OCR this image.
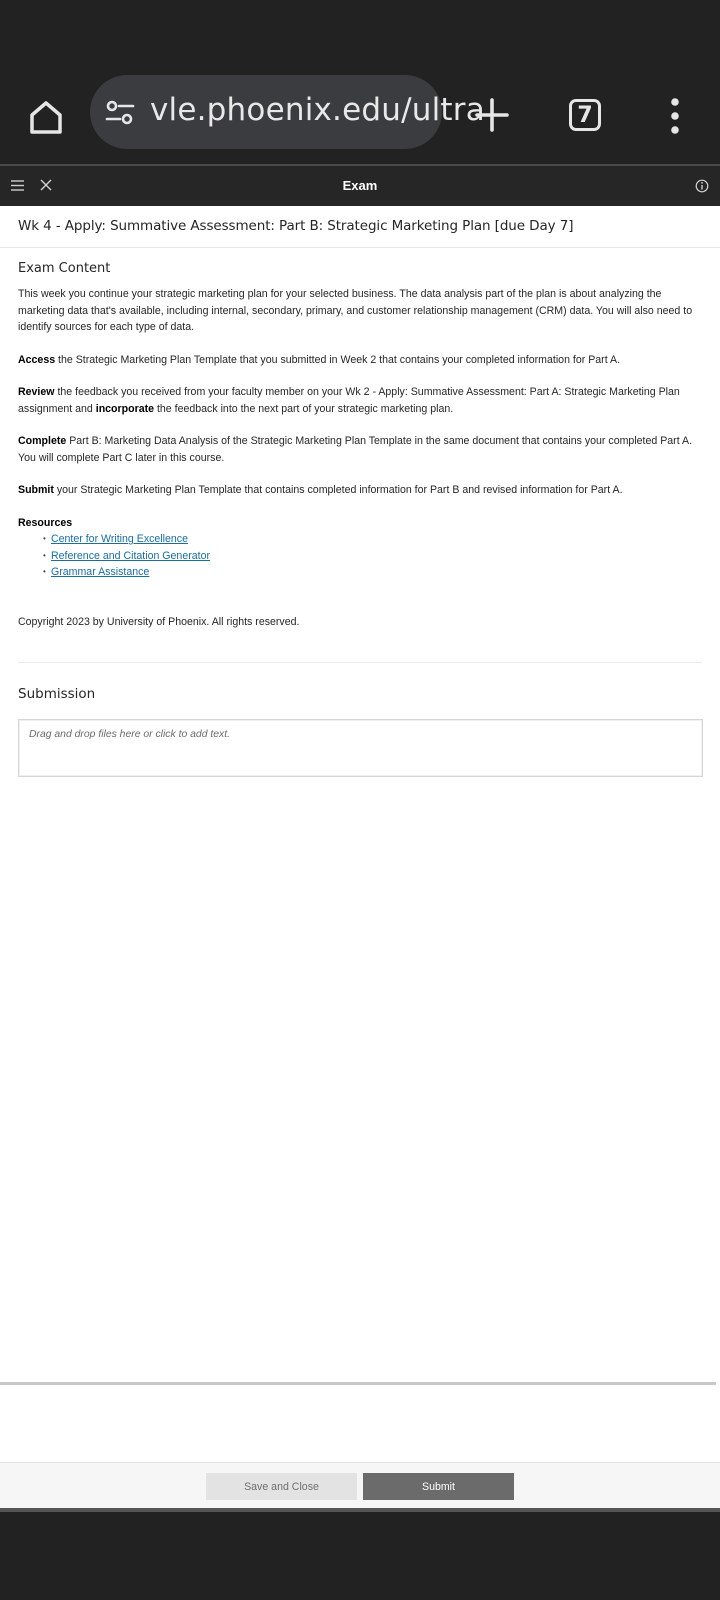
vle.phoenix.edu/ultra	7
Exam
Wk 4 - Apply: Summative Assessment: Part B: Strategic Marketing Plan [due Day 7]
Exam Content

This week you continue your strategic marketing plan for your selected business. The data analysis part of the plan is about analyzing the marketing data that's available, including internal, secondary, primary, and customer relationship management (CRM) data. You will also need to identify sources for each type of data.

Access the Strategic Marketing Plan Template that you submitted in Week 2 that contains your completed information for Part A.

Review the feedback you received from your faculty member on your Wk 2 - Apply: Summative Assessment: Part A: Strategic Marketing Plan assignment and incorporate the feedback into the next part of your strategic marketing plan.

Complete Part B: Marketing Data Analysis of the Strategic Marketing Plan Template in the same document that contains your completed Part A. You will complete Part C later in this course.

Submit your Strategic Marketing Plan Template that contains completed information for Part B and revised information for Part A.

Resources
• Center for Writing Excellence
• Reference and Citation Generator
• Grammar Assistance

Copyright 2023 by University of Phoenix. All rights reserved.

Submission
Drag and drop files here or click to add text.
Save and Close	Submit
